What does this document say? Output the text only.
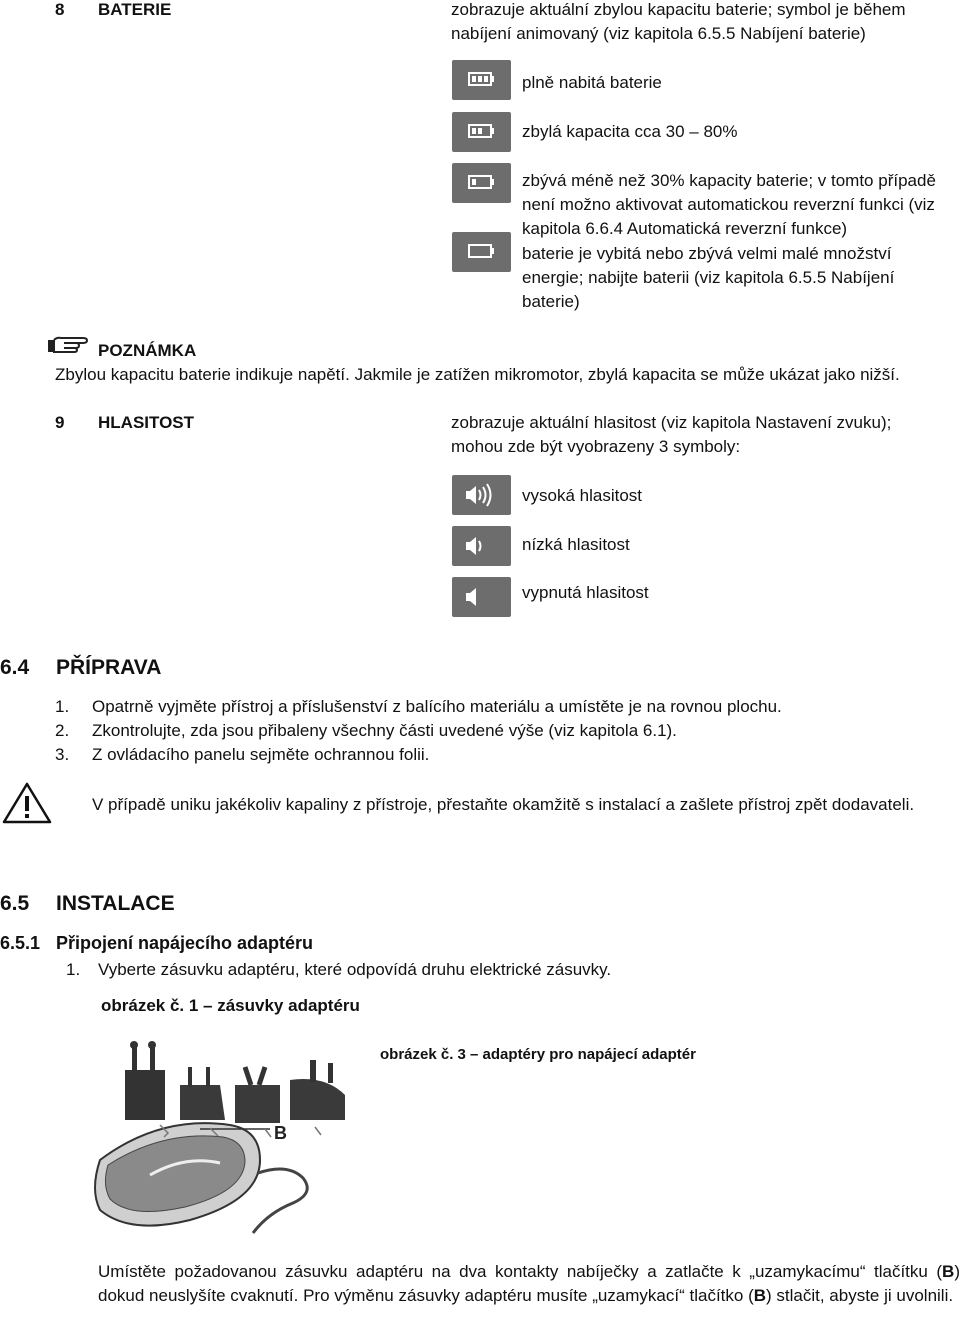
8 BATERIE	zobrazuje aktuální zbylou kapacitu baterie; symbol je během nabíjení animovaný (viz kapitola 6.5.5 Nabíjení baterie)
plně nabitá baterie
zbylá kapacita cca 30 – 80%
zbývá méně než 30% kapacity baterie; v tomto případě není možno aktivovat automatickou reverzní funkci (viz kapitola 6.6.4 Automatická reverzní funkce)
baterie je vybitá nebo zbývá velmi malé množství energie; nabijte baterii (viz kapitola 6.5.5 Nabíjení baterie)
POZNÁMKA
Zbylou kapacitu baterie indikuje napětí. Jakmile je zatížen mikromotor, zbylá kapacita se může ukázat jako nižší.
9 HLASITOST	zobrazuje aktuální hlasitost (viz kapitola Nastavení zvuku); mohou zde být vyobrazeny 3 symboly:
vysoká hlasitost
nízká hlasitost
vypnutá hlasitost
6.4 PŘÍPRAVA
1. Opatrně vyjměte přístroj a příslušenství z balícího materiálu a umístěte je na rovnou plochu.
2. Zkontrolujte, zda jsou přibaleny všechny části uvedené výše (viz kapitola 6.1).
3. Z ovládacího panelu sejměte ochrannou folii.
V případě uniku jakékoliv kapaliny z přístroje, přestaňte okamžitě s instalací a zašlete přístroj zpět dodavateli.
6.5 INSTALACE
6.5.1 Připojení napájecího adaptéru
1. Vyberte zásuvku adaptéru, které odpovídá druhu elektrické zásuvky.
obrázek č. 1 – zásuvky adaptéru
obrázek č. 3 – adaptéry pro napájecí adaptér
B
Umístěte požadovanou zásuvku adaptéru na dva kontakty nabíječky a zatlačte k „uzamykacímu“ tlačítku (B) dokud neuslyšíte cvaknutí. Pro výměnu zásuvky adaptéru musíte „uzamykací“ tlačítko (B) stlačit, abyste ji uvolnili.
